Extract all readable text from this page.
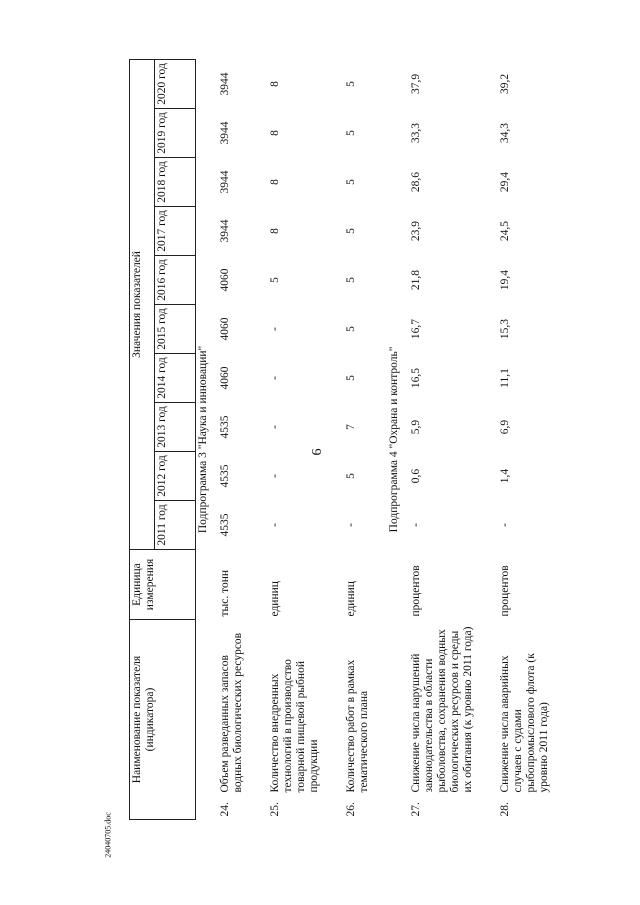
6
Наименование показателя (индикатора)		Единица измерения	Значения показателей									
			2011 год	2012 год	2013 год	2014 год	2015 год	2016 год	2017 год	2018 год	2019 год	2020 год
Подпрограмма 3 "Наука и инновации"												
24.	Объем разведанных запасов водных биологических ресурсов	тыс. тонн	4535	4535	4535	4060	4060	4060	3944	3944	3944	3944
25.	Количество внедренных технологий в производство товарной пищевой рыбной продукции	единиц	-	-	-	-	-	5	8	8	8	8
26.	Количество работ в рамках тематического плана	единиц	-	5	7	5	5	5	5	5	5	5
Подпрограмма 4 "Охрана и контроль"												
27.	Снижение числа нарушений законодательства в области рыболовства, сохранения водных биологических ресурсов и среды их обитания (к уровню 2011 года)	процентов	-	0,6	5,9	16,5	16,7	21,8	23,9	28,6	33,3	37,9
28.	Снижение числа аварийных случаев с судами рыбопромыслового флота (к уровню 2011 года)	процентов	-	1,4	6,9	11,1	15,3	19,4	24,5	29,4	34,3	39,2
24040705.doc
